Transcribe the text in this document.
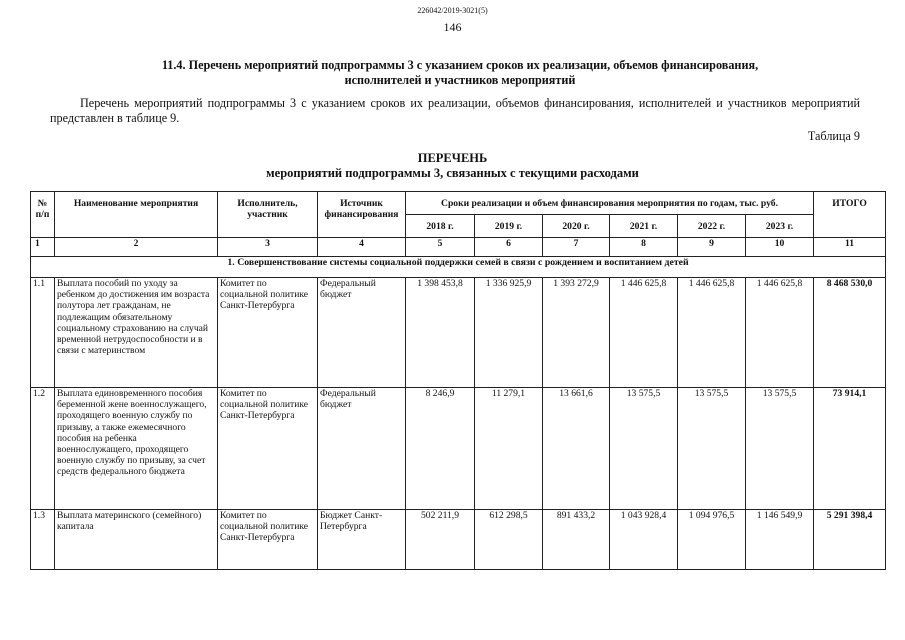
226042/2019-3021(5)
146
11.4. Перечень мероприятий подпрограммы 3 с указанием сроков их реализации, объемов финансирования,
исполнителей и участников мероприятий
Перечень мероприятий подпрограммы 3 с указанием сроков их реализации, объемов финансирования, исполнителей и участников мероприятий представлен в таблице 9.
Таблица 9
ПЕРЕЧЕНЬ
мероприятий подпрограммы 3, связанных с текущими расходами
№ п/п	Наименование мероприятия	Исполнитель, участник	Источник финансирования	Сроки реализации и объем финансирования мероприятия по годам, тыс. руб.						ИТОГО
				2018 г.	2019 г.	2020 г.	2021 г.	2022 г.	2023 г.	
1	2	3	4	5	6	7	8	9	10	11
1. Совершенствование системы социальной поддержки семей в связи с рождением и воспитанием детей										
1.1	Выплата пособий по уходу за ребенком до достижения им возраста полутора лет гражданам, не подлежащим обязательному социальному страхованию на случай временной нетрудоспособности и в связи с материнством	Комитет по социальной политике Санкт-Петербурга	Федеральный бюджет	1 398 453,8	1 336 925,9	1 393 272,9	1 446 625,8	1 446 625,8	1 446 625,8	8 468 530,0
1.2	Выплата единовременного пособия беременной жене военнослужащего, проходящего военную службу по призыву, а также ежемесячного пособия на ребенка военнослужащего, проходящего военную службу по призыву, за счет средств федерального бюджета	Комитет по социальной политике Санкт-Петербурга	Федеральный бюджет	8 246,9	11 279,1	13 661,6	13 575,5	13 575,5	13 575,5	73 914,1
1.3	Выплата материнского (семейного) капитала	Комитет по социальной политике Санкт-Петербурга	Бюджет Санкт-Петербурга	502 211,9	612 298,5	891 433,2	1 043 928,4	1 094 976,5	1 146 549,9	5 291 398,4
